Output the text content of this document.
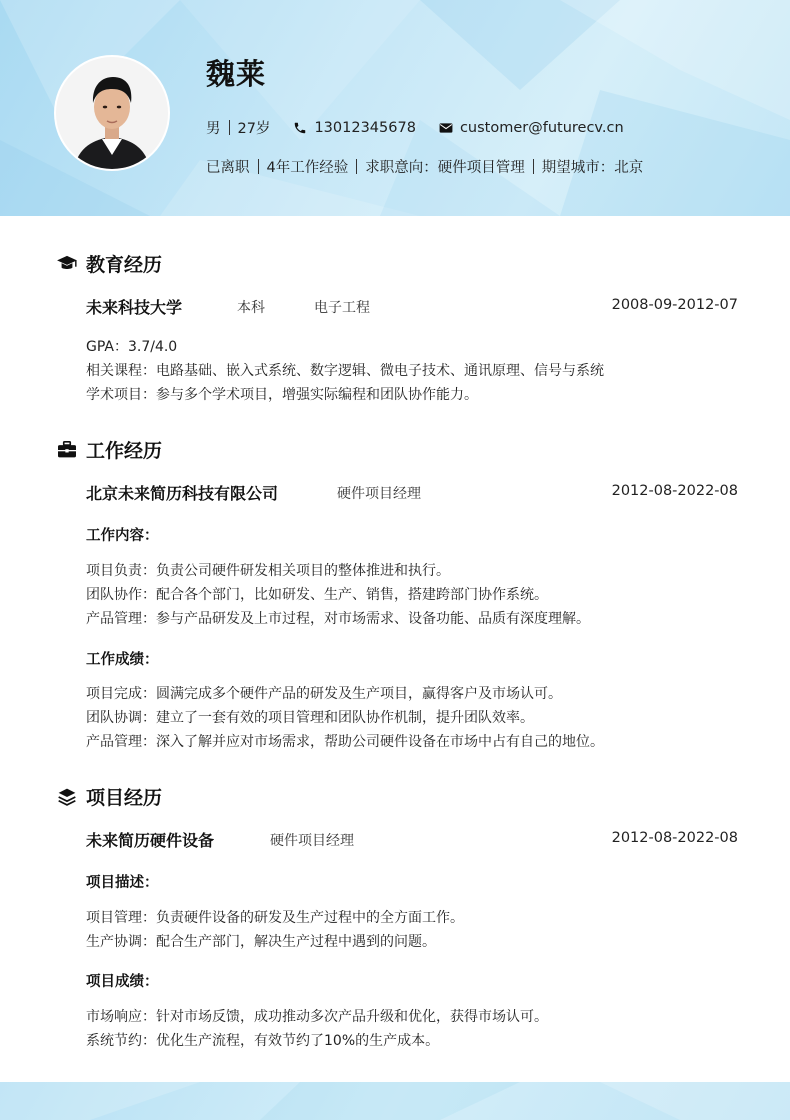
魏莱
男 27岁	13012345678	customer@futurecv.cn
已离职 4年工作经验 求职意向：硬件项目管理 期望城市：北京
教育经历
未来科技大学	本科	电子工程	2008-09-2012-07
GPA：3.7/4.0
相关课程：电路基础、嵌入式系统、数字逻辑、微电子技术、通讯原理、信号与系统
学术项目：参与多个学术项目，增强实际编程和团队协作能力。
工作经历
北京未来简历科技有限公司	硬件项目经理	2012-08-2022-08
工作内容：
项目负责：负责公司硬件研发相关项目的整体推进和执行。
团队协作：配合各个部门，比如研发、生产、销售，搭建跨部门协作系统。
产品管理：参与产品研发及上市过程，对市场需求、设备功能、品质有深度理解。
工作成绩：
项目完成：圆满完成多个硬件产品的研发及生产项目，赢得客户及市场认可。
团队协调：建立了一套有效的项目管理和团队协作机制，提升团队效率。
产品管理：深入了解并应对市场需求，帮助公司硬件设备在市场中占有自己的地位。
项目经历
未来简历硬件设备	硬件项目经理	2012-08-2022-08
项目描述：
项目管理：负责硬件设备的研发及生产过程中的全方面工作。
生产协调：配合生产部门，解决生产过程中遇到的问题。
项目成绩：
市场响应：针对市场反馈，成功推动多次产品升级和优化，获得市场认可。
系统节约：优化生产流程，有效节约了10%的生产成本。
